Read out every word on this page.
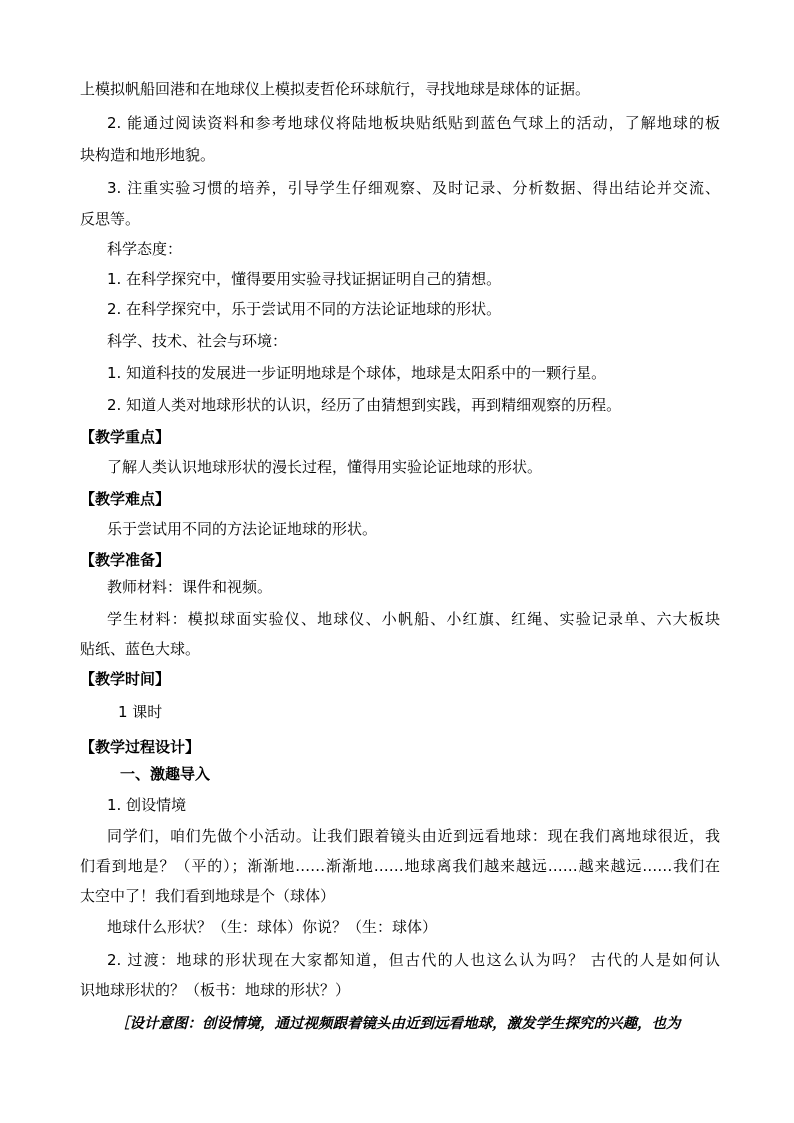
上模拟帆船回港和在地球仪上模拟麦哲伦环球航行，寻找地球是球体的证据。
2. 能通过阅读资料和参考地球仪将陆地板块贴纸贴到蓝色气球上的活动，了解地球的板
块构造和地形地貌。
3. 注重实验习惯的培养，引导学生仔细观察、及时记录、分析数据、得出结论并交流、
反思等。
科学态度：
1. 在科学探究中，懂得要用实验寻找证据证明自己的猜想。
2. 在科学探究中，乐于尝试用不同的方法论证地球的形状。
科学、技术、社会与环境：
1. 知道科技的发展进一步证明地球是个球体，地球是太阳系中的一颗行星。
2. 知道人类对地球形状的认识，经历了由猜想到实践，再到精细观察的历程。
【教学重点】
了解人类认识地球形状的漫长过程，懂得用实验论证地球的形状。
【教学难点】
乐于尝试用不同的方法论证地球的形状。
【教学准备】
教师材料：课件和视频。
学生材料：模拟球面实验仪、地球仪、小帆船、小红旗、红绳、实验记录单、六大板块
贴纸、蓝色大球。
【教学时间】
1 课时
【教学过程设计】
一、激趣导入
1. 创设情境
同学们，咱们先做个小活动。让我们跟着镜头由近到远看地球：现在我们离地球很近，我
们看到地是？（平的）；渐渐地……渐渐地……地球离我们越来越远……越来越远……我们在
太空中了！我们看到地球是个（球体）
地球什么形状？（生：球体）你说？（生：球体）
2. 过渡：地球的形状现在大家都知道，但古代的人也这么认为吗？ 古代的人是如何认
识地球形状的？（板书：地球的形状？）
［设计意图：创设情境，通过视频跟着镜头由近到远看地球，激发学生探究的兴趣，也为
